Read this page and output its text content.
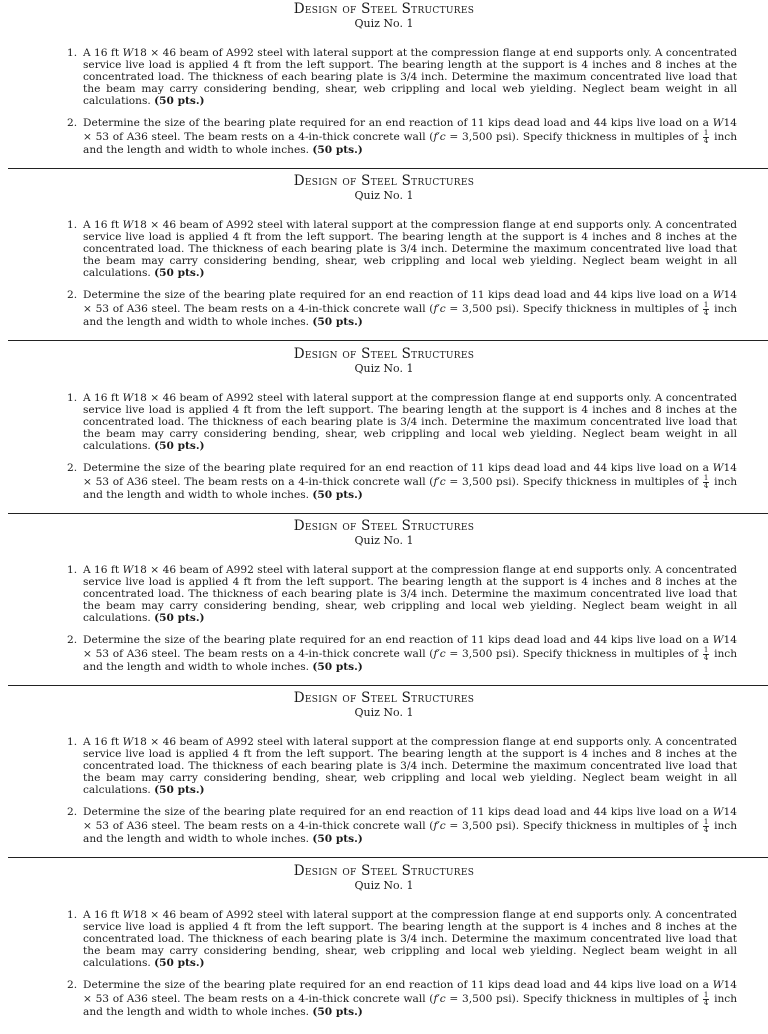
Design of Steel Structures
Quiz No. 1
1. A 16 ft W18 × 46 beam of A992 steel with lateral support at the compression flange at end supports only. A concentrated service live load is applied 4 ft from the left support. The bearing length at the support is 4 inches and 8 inches at the concentrated load. The thickness of each bearing plate is 3/4 inch. Determine the maximum concentrated live load that the beam may carry considering bending, shear, web crippling and local web yielding. Neglect beam weight in all calculations. (50 pts.)
2. Determine the size of the bearing plate required for an end reaction of 11 kips dead load and 44 kips live load on a W14 × 53 of A36 steel. The beam rests on a 4-in-thick concrete wall (f′c = 3,500 psi). Specify thickness in multiples of $\frac{1}{4}$ inch and the length and width to whole inches. (50 pts.)
Design of Steel Structures
Quiz No. 1
1. A 16 ft W18 × 46 beam of A992 steel with lateral support at the compression flange at end supports only. A concentrated service live load is applied 4 ft from the left support. The bearing length at the support is 4 inches and 8 inches at the concentrated load. The thickness of each bearing plate is 3/4 inch. Determine the maximum concentrated live load that the beam may carry considering bending, shear, web crippling and local web yielding. Neglect beam weight in all calculations. (50 pts.)
2. Determine the size of the bearing plate required for an end reaction of 11 kips dead load and 44 kips live load on a W14 × 53 of A36 steel. The beam rests on a 4-in-thick concrete wall (f′c = 3,500 psi). Specify thickness in multiples of $\frac{1}{4}$ inch and the length and width to whole inches. (50 pts.)
Design of Steel Structures
Quiz No. 1
1. A 16 ft W18 × 46 beam of A992 steel with lateral support at the compression flange at end supports only. A concentrated service live load is applied 4 ft from the left support. The bearing length at the support is 4 inches and 8 inches at the concentrated load. The thickness of each bearing plate is 3/4 inch. Determine the maximum concentrated live load that the beam may carry considering bending, shear, web crippling and local web yielding. Neglect beam weight in all calculations. (50 pts.)
2. Determine the size of the bearing plate required for an end reaction of 11 kips dead load and 44 kips live load on a W14 × 53 of A36 steel. The beam rests on a 4-in-thick concrete wall (f′c = 3,500 psi). Specify thickness in multiples of $\frac{1}{4}$ inch and the length and width to whole inches. (50 pts.)
Design of Steel Structures
Quiz No. 1
1. A 16 ft W18 × 46 beam of A992 steel with lateral support at the compression flange at end supports only. A concentrated service live load is applied 4 ft from the left support. The bearing length at the support is 4 inches and 8 inches at the concentrated load. The thickness of each bearing plate is 3/4 inch. Determine the maximum concentrated live load that the beam may carry considering bending, shear, web crippling and local web yielding. Neglect beam weight in all calculations. (50 pts.)
2. Determine the size of the bearing plate required for an end reaction of 11 kips dead load and 44 kips live load on a W14 × 53 of A36 steel. The beam rests on a 4-in-thick concrete wall (f′c = 3,500 psi). Specify thickness in multiples of $\frac{1}{4}$ inch and the length and width to whole inches. (50 pts.)
Design of Steel Structures
Quiz No. 1
1. A 16 ft W18 × 46 beam of A992 steel with lateral support at the compression flange at end supports only. A concentrated service live load is applied 4 ft from the left support. The bearing length at the support is 4 inches and 8 inches at the concentrated load. The thickness of each bearing plate is 3/4 inch. Determine the maximum concentrated live load that the beam may carry considering bending, shear, web crippling and local web yielding. Neglect beam weight in all calculations. (50 pts.)
2. Determine the size of the bearing plate required for an end reaction of 11 kips dead load and 44 kips live load on a W14 × 53 of A36 steel. The beam rests on a 4-in-thick concrete wall (f′c = 3,500 psi). Specify thickness in multiples of $\frac{1}{4}$ inch and the length and width to whole inches. (50 pts.)
Design of Steel Structures
Quiz No. 1
1. A 16 ft W18 × 46 beam of A992 steel with lateral support at the compression flange at end supports only. A concentrated service live load is applied 4 ft from the left support. The bearing length at the support is 4 inches and 8 inches at the concentrated load. The thickness of each bearing plate is 3/4 inch. Determine the maximum concentrated live load that the beam may carry considering bending, shear, web crippling and local web yielding. Neglect beam weight in all calculations. (50 pts.)
2. Determine the size of the bearing plate required for an end reaction of 11 kips dead load and 44 kips live load on a W14 × 53 of A36 steel. The beam rests on a 4-in-thick concrete wall (f′c = 3,500 psi). Specify thickness in multiples of $\frac{1}{4}$ inch and the length and width to whole inches. (50 pts.)
